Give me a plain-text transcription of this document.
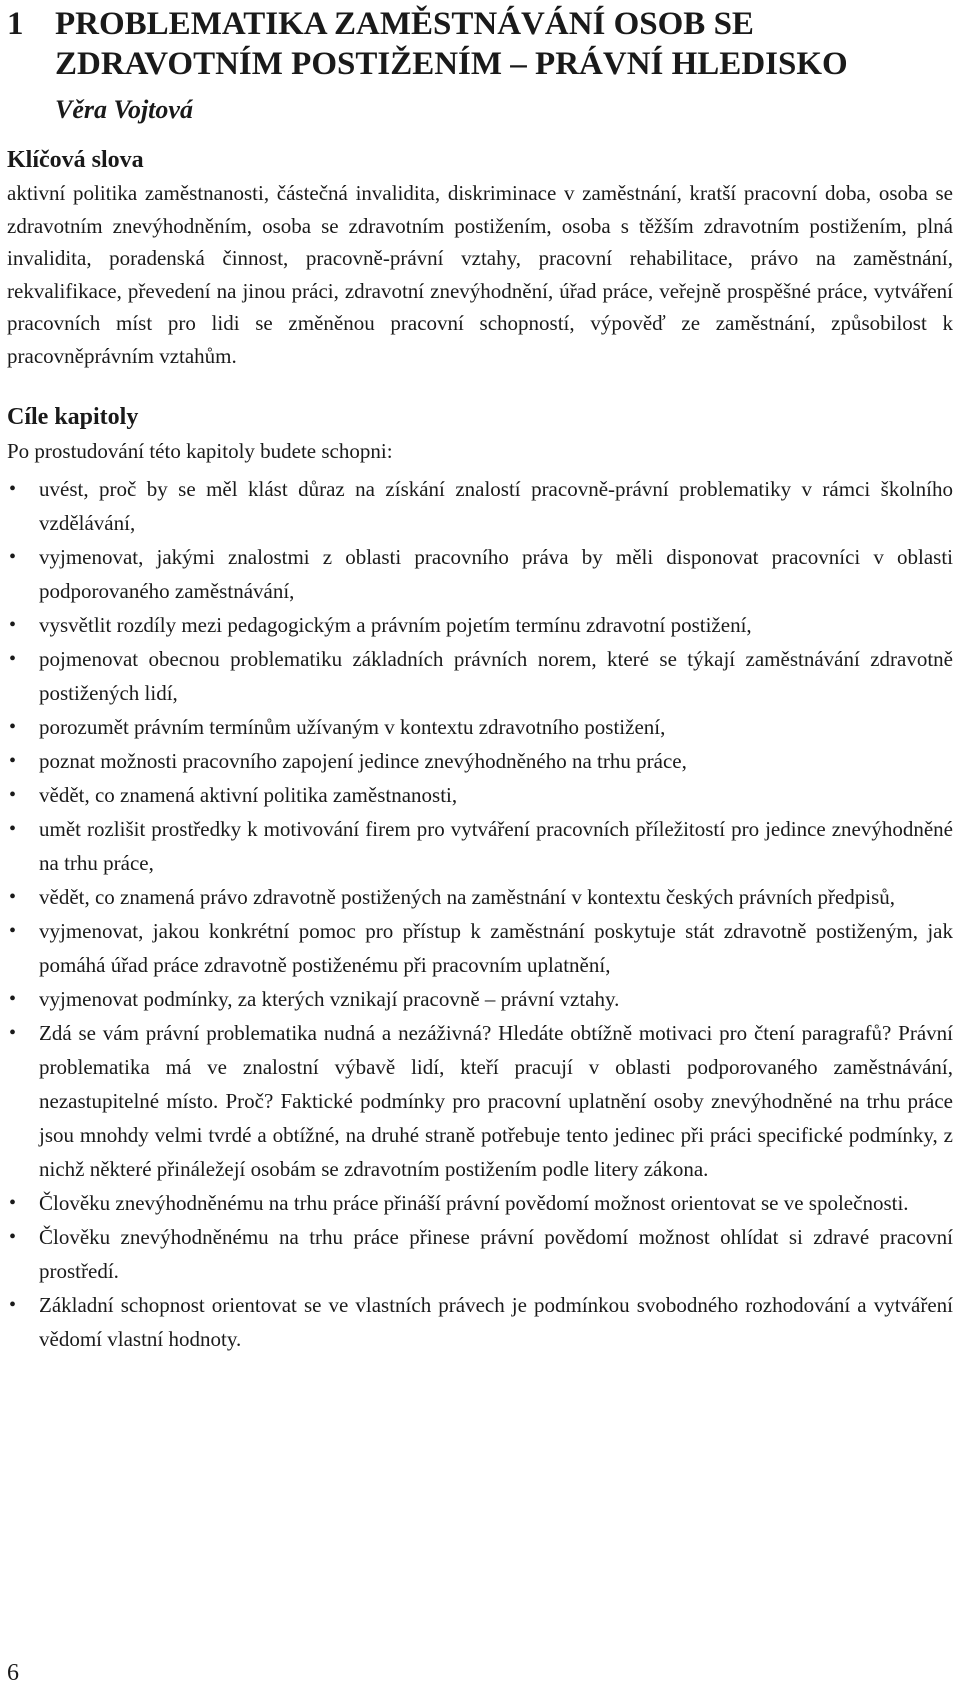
1 PROBLEMATIKA ZAMĚSTNÁVÁNÍ OSOB SE ZDRAVOTNÍM POSTIŽENÍM – PRÁVNÍ HLEDISKO
Věra Vojtová
Klíčová slova

aktivní politika zaměstnanosti, částečná invalidita, diskriminace v zaměstnání, kratší pracovní doba, osoba se zdravotním znevýhodněním, osoba se zdravotním postižením, osoba s těžším zdravotním postižením, plná invalidita, poradenská činnost, pracovně-právní vztahy, pracovní rehabilitace, právo na zaměstnání, rekvalifikace, převedení na jinou práci, zdravotní znevýhodnění, úřad práce, veřejně prospěšné práce, vytváření pracovních míst pro lidi se změněnou pracovní schopností, výpověď ze zaměstnání, způsobilost k pracovněprávním vztahům.

Cíle kapitoly

Po prostudování této kapitoly budete schopni:

•	uvést, proč by se měl klást důraz na získání znalostí pracovně-právní problematiky v rámci školního vzdělávání,
•	vyjmenovat, jakými znalostmi z oblasti pracovního práva by měli disponovat pracovníci v oblasti podporovaného zaměstnávání,
•	vysvětlit rozdíly mezi pedagogickým a právním pojetím termínu zdravotní postižení,
•	pojmenovat obecnou problematiku základních právních norem, které se týkají zaměstnávání zdravotně postižených lidí,
•	porozumět právním termínům užívaným v kontextu zdravotního postižení,
•	poznat možnosti pracovního zapojení jedince znevýhodněného na trhu práce,
•	vědět, co znamená aktivní politika zaměstnanosti,
•	umět rozlišit prostředky k motivování firem pro vytváření pracovních příležitostí pro jedince znevýhodněné na trhu práce,
•	vědět, co znamená právo zdravotně postižených na zaměstnání v kontextu českých právních předpisů,
•	vyjmenovat, jakou konkrétní pomoc pro přístup k zaměstnání poskytuje stát zdravotně postiženým, jak pomáhá úřad práce zdravotně postiženému při pracovním uplatnění,
•	vyjmenovat podmínky, za kterých vznikají pracovně – právní vztahy.
•	Zdá se vám právní problematika nudná a nezáživná? Hledáte obtížně motivaci pro čtení paragrafů? Právní problematika má ve znalostní výbavě lidí, kteří pracují v oblasti podporovaného zaměstnávání, nezastupitelné místo. Proč? Faktické podmínky pro pracovní uplatnění osoby znevýhodněné na trhu práce jsou mnohdy velmi tvrdé a obtížné, na druhé straně potřebuje tento jedinec při práci specifické podmínky, z nichž některé přináležejí osobám se zdravotním postižením podle litery zákona.
•	Člověku znevýhodněnému na trhu práce přináší právní povědomí možnost orientovat se ve společnosti.
•	Člověku znevýhodněnému na trhu práce přinese právní povědomí možnost ohlídat si zdravé pracovní prostředí.
•	Základní schopnost orientovat se ve vlastních právech je podmínkou svobodného rozhodování a vytváření vědomí vlastní hodnoty.
6
